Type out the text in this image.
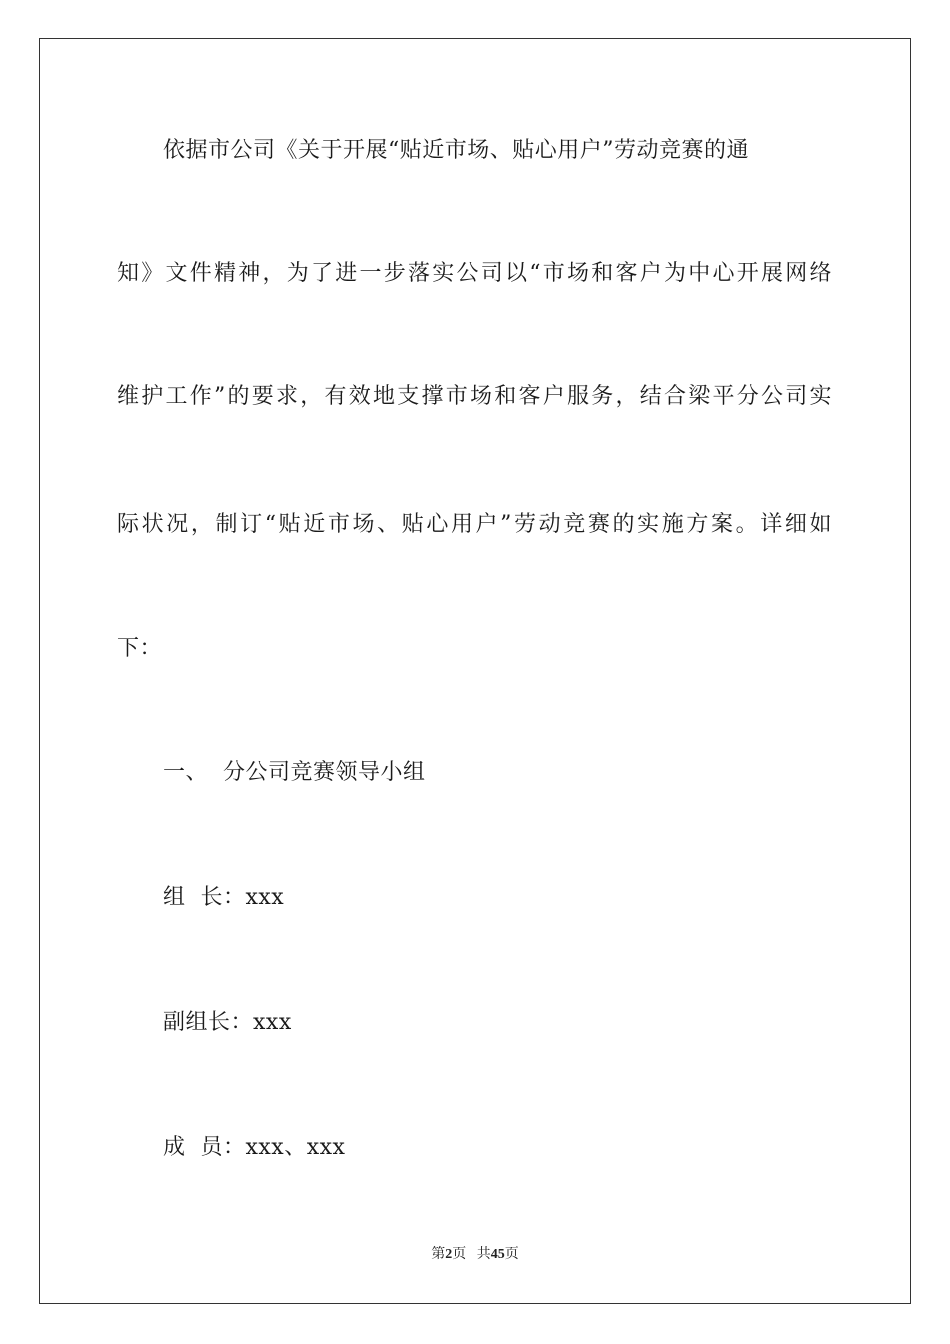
依据市公司《关于开展“贴近市场、贴心用户”劳动竞赛的通
知》文件精神，为了进一步落实公司以“市场和客户为中心开展网络
维护工作”的要求，有效地支撑市场和客户服务，结合梁平分公司实
际状况，制订“贴近市场、贴心用户”劳动竞赛的实施方案。详细如
下：
一、  分公司竞赛领导小组
组  长：xxx
副组长：xxx
成  员：xxx、xxx
第2页 共45页
